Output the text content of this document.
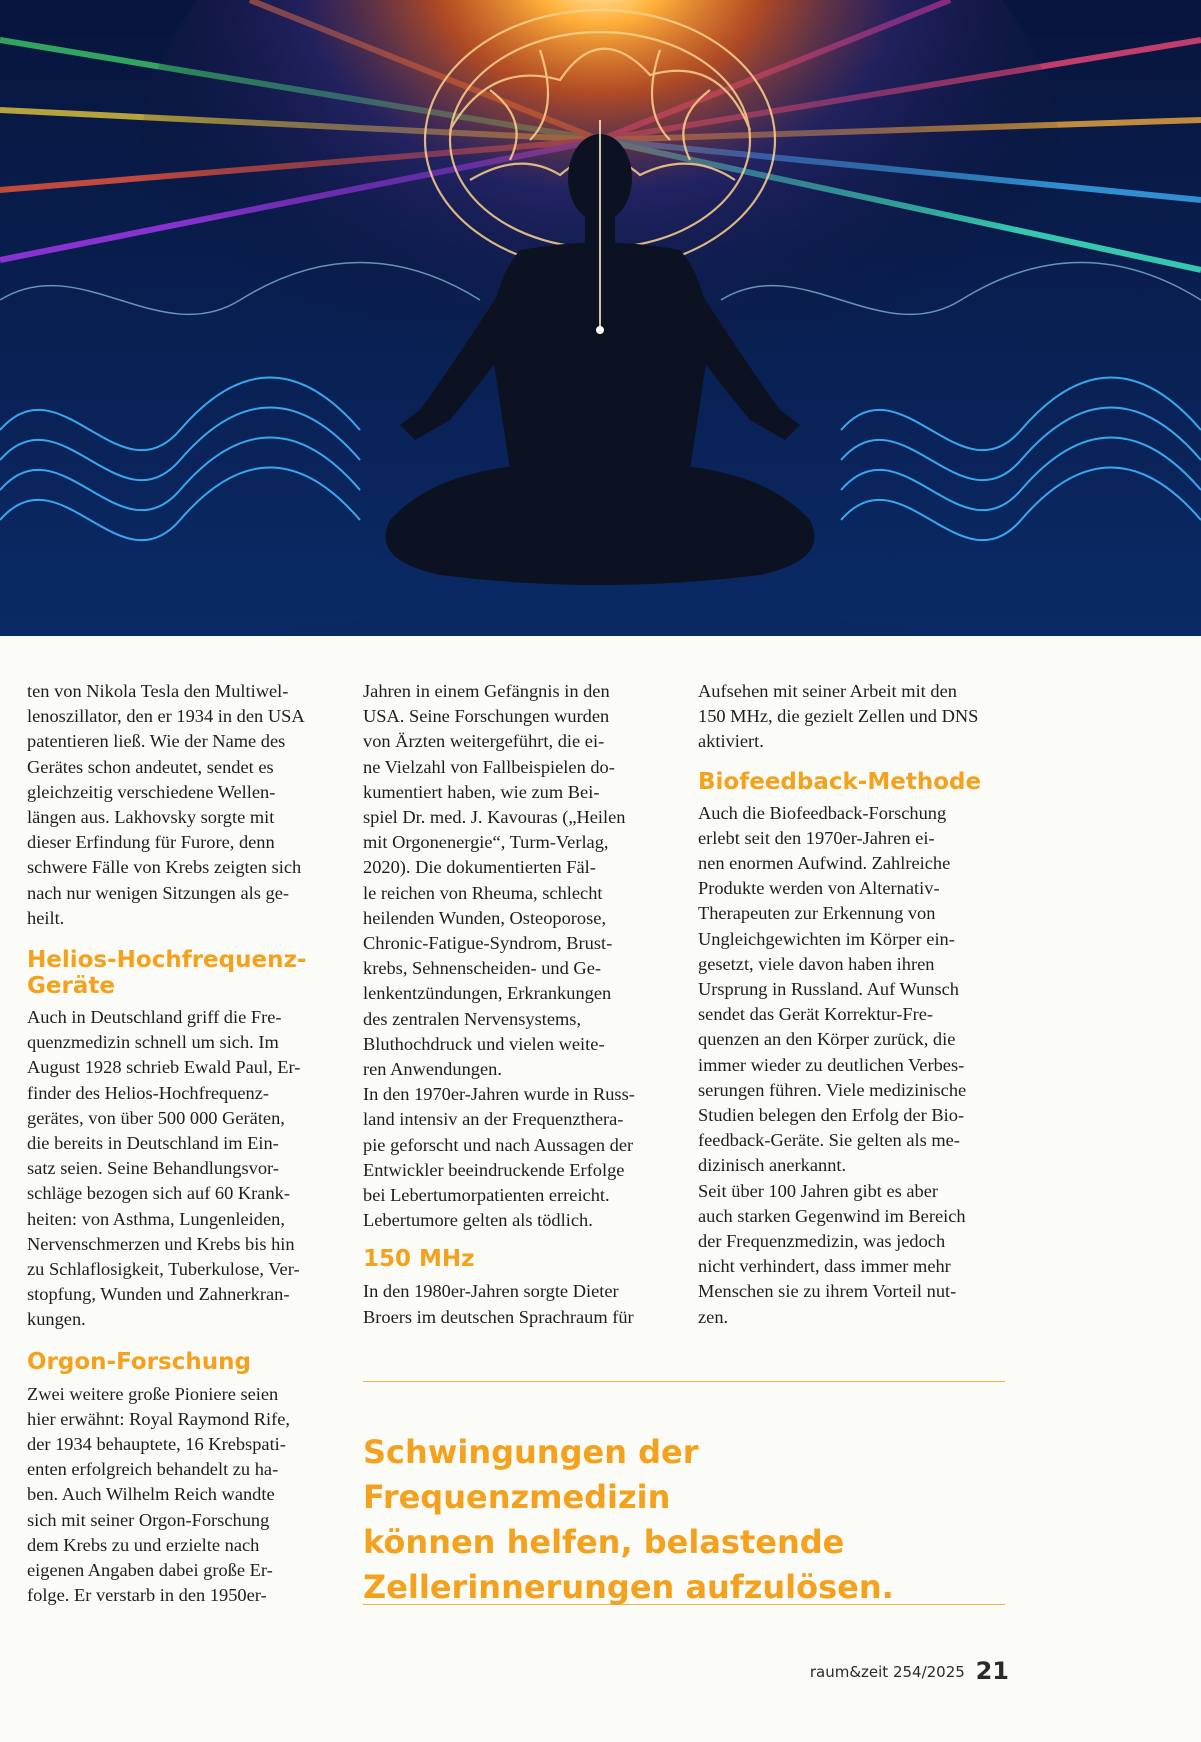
ten von Nikola Tesla den Multiwel-
lenoszillator, den er 1934 in den USA
patentieren ließ. Wie der Name des
Gerätes schon andeutet, sendet es
gleichzeitig verschiedene Wellen-
längen aus. Lakhovsky sorgte mit
dieser Erfindung für Furore, denn
schwere Fälle von Krebs zeigten sich
nach nur wenigen Sitzungen als ge-
heilt.

Helios-Hochfrequenz-
Geräte

Auch in Deutschland griff die Fre-
quenzmedizin schnell um sich. Im
August 1928 schrieb Ewald Paul, Er-
finder des Helios-Hochfrequenz-
gerätes, von über 500 000 Geräten,
die bereits in Deutschland im Ein-
satz seien. Seine Behandlungsvor-
schläge bezogen sich auf 60 Krank-
heiten: von Asthma, Lungenleiden,
Nervenschmerzen und Krebs bis hin
zu Schlaflosigkeit, Tuberkulose, Ver-
stopfung, Wunden und Zahnerkran-
kungen.

Orgon-Forschung

Zwei weitere große Pioniere seien
hier erwähnt: Royal Raymond Rife,
der 1934 behauptete, 16 Krebspati-
enten erfolgreich behandelt zu ha-
ben. Auch Wilhelm Reich wandte
sich mit seiner Orgon-Forschung
dem Krebs zu und erzielte nach
eigenen Angaben dabei große Er-
folge. Er verstarb in den 1950er-

Jahren in einem Gefängnis in den
USA. Seine Forschungen wurden
von Ärzten weitergeführt, die ei-
ne Vielzahl von Fallbeispielen do-
kumentiert haben, wie zum Bei-
spiel Dr. med. J. Kavouras („Heilen
mit Orgonenergie“, Turm-Verlag,
2020). Die dokumentierten Fäl-
le reichen von Rheuma, schlecht
heilenden Wunden, Osteoporose,
Chronic-Fatigue-Syndrom, Brust-
krebs, Sehnenscheiden- und Ge-
lenkentzündungen, Erkrankungen
des zentralen Nervensystems,
Bluthochdruck und vielen weite-
ren Anwendungen.

In den 1970er-Jahren wurde in Russ-
land intensiv an der Frequenzthera-
pie geforscht und nach Aussagen der
Entwickler beeindruckende Erfolge
bei Lebertumorpatienten erreicht.
Lebertumore gelten als tödlich.

150 MHz

In den 1980er-Jahren sorgte Dieter
Broers im deutschen Sprachraum für

Aufsehen mit seiner Arbeit mit den
150 MHz, die gezielt Zellen und DNS
aktiviert.

Biofeedback-Methode

Auch die Biofeedback-Forschung
erlebt seit den 1970er-Jahren ei-
nen enormen Aufwind. Zahlreiche
Produkte werden von Alternativ-
Therapeuten zur Erkennung von
Ungleichgewichten im Körper ein-
gesetzt, viele davon haben ihren
Ursprung in Russland. Auf Wunsch
sendet das Gerät Korrektur-Fre-
quenzen an den Körper zurück, die
immer wieder zu deutlichen Verbes-
serungen führen. Viele medizinische
Studien belegen den Erfolg der Bio-
feedback-Geräte. Sie gelten als me-
dizinisch anerkannt.

Seit über 100 Jahren gibt es aber
auch starken Gegenwind im Bereich
der Frequenzmedizin, was jedoch
nicht verhindert, dass immer mehr
Menschen sie zu ihrem Vorteil nut-
zen.

Schwingungen der Frequenzmedizin
können helfen, belastende
Zellerinnerungen aufzulösen.

raum&zeit 254/2025 21
